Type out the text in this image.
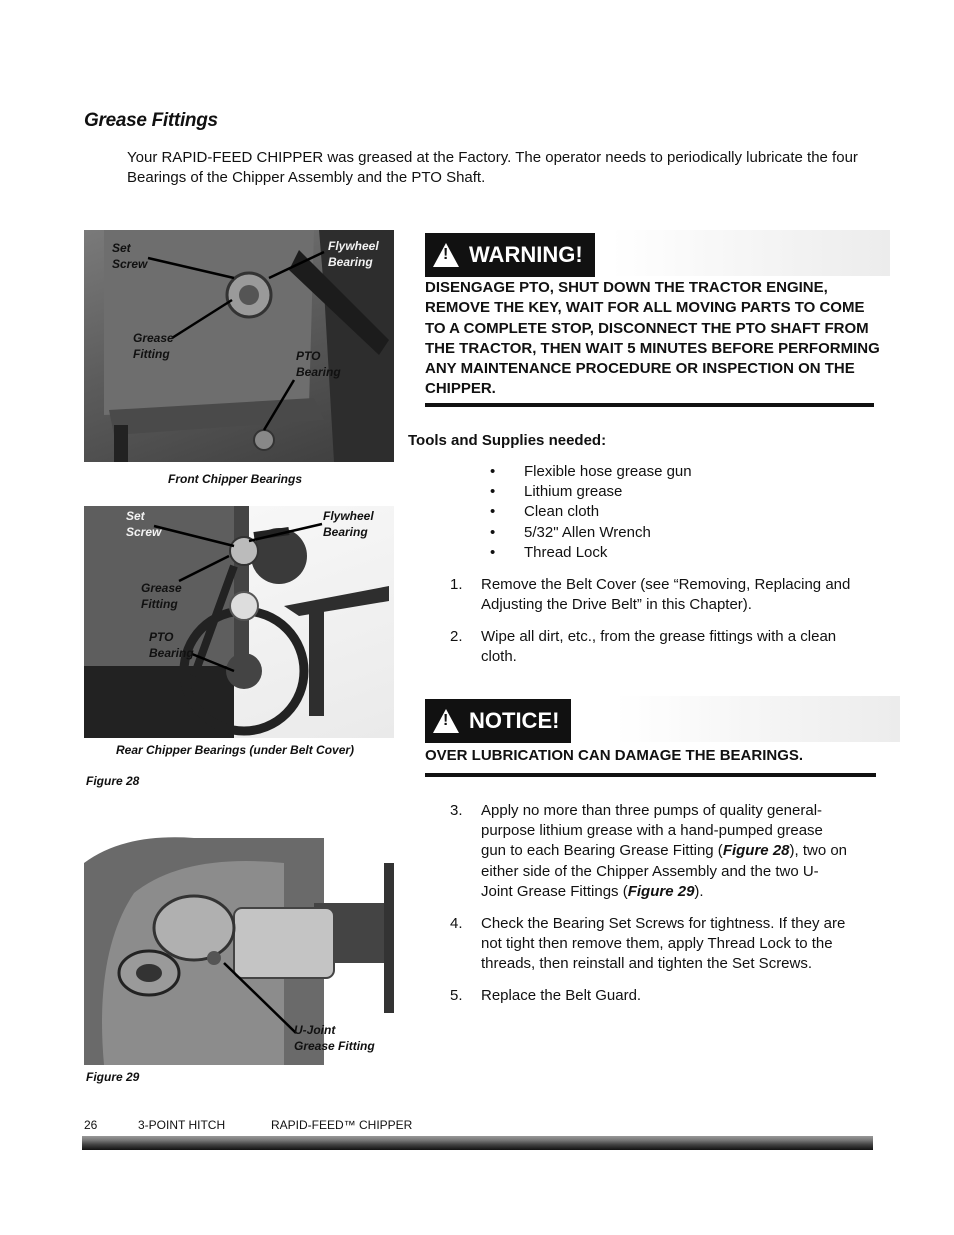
Grease Fittings
Your RAPID-FEED CHIPPER was greased at the Factory. The operator needs to periodically lubricate the four Bearings of the Chipper Assembly and the PTO Shaft.
Set
Screw
Flywheel
Bearing
Grease
Fitting	PTO
Bearing
Front Chipper Bearings
Set
Screw
Flywheel
Bearing
Grease
Fitting
PTO
Bearing
Rear Chipper Bearings (under Belt Cover)
Figure 28
U-Joint
Grease Fitting
Figure 29
! WARNING!
DISENGAGE PTO, SHUT DOWN THE TRACTOR ENGINE, REMOVE THE KEY, WAIT FOR ALL MOVING PARTS TO COME TO A COMPLETE STOP, DISCONNECT THE PTO SHAFT FROM THE TRACTOR, THEN WAIT 5 MINUTES BEFORE PERFORMING ANY MAINTENANCE PROCEDURE OR INSPECTION ON THE CHIPPER.
Tools and Supplies needed:
• Flexible hose grease gun
• Lithium grease
• Clean cloth
• 5/32" Allen Wrench
• Thread Lock
1. Remove the Belt Cover (see “Removing, Replacing and
Adjusting the Drive Belt” in this Chapter).
2. Wipe all dirt, etc., from the grease fittings with a clean
cloth.
! NOTICE!
OVER LUBRICATION CAN DAMAGE THE BEARINGS.
3. Apply no more than three pumps of quality general-
purpose lithium grease with a hand-pumped grease
gun to each Bearing Grease Fitting (Figure 28), two on
either side of the Chipper Assembly and the two U-
Joint Grease Fittings (Figure 29).
4. Check the Bearing Set Screws for tightness. If they are
not tight then remove them, apply Thread Lock to the
threads, then reinstall and tighten the Set Screws.
5. Replace the Belt Guard.
26	3-POINT HITCH	RAPID-FEED™ CHIPPER
